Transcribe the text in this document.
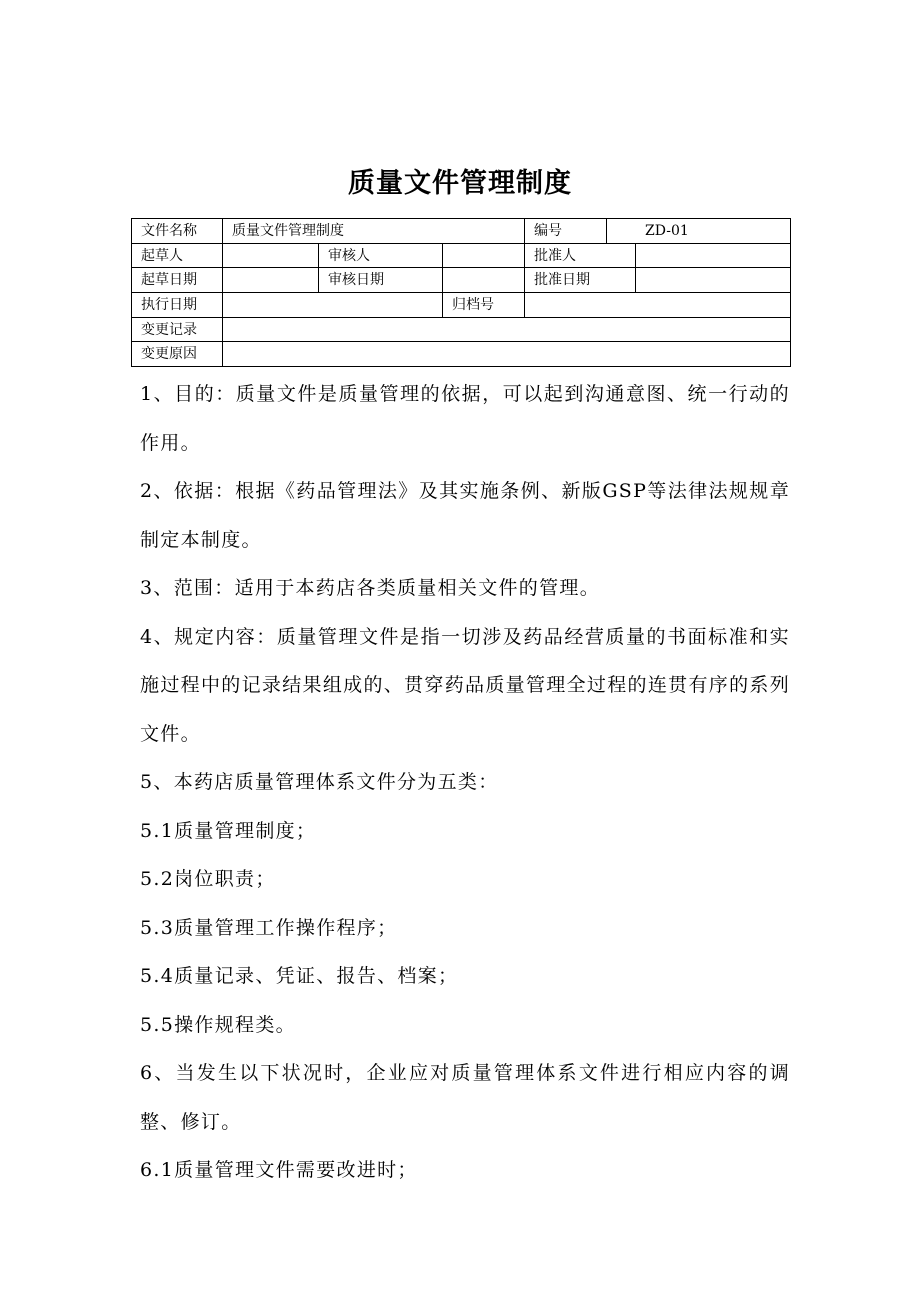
质量文件管理制度
文件名称	质量文件管理制度			编号	ZD-01	
起草人		审核人		批准人		
起草日期		审核日期		批准日期		
执行日期			归档号			
变更记录						
变更原因						

1、目的：质量文件是质量管理的依据，可以起到沟通意图、统一行动的作用。

2、依据：根据《药品管理法》及其实施条例、新版GSP等法律法规规章制定本制度。

3、范围：适用于本药店各类质量相关文件的管理。

4、规定内容：质量管理文件是指一切涉及药品经营质量的书面标准和实施过程中的记录结果组成的、贯穿药品质量管理全过程的连贯有序的系列文件。

5、本药店质量管理体系文件分为五类：

5.1质量管理制度；

5.2岗位职责；

5.3质量管理工作操作程序；

5.4质量记录、凭证、报告、档案；

5.5操作规程类。

6、当发生以下状况时，企业应对质量管理体系文件进行相应内容的调整、修订。

6.1质量管理文件需要改进时；
